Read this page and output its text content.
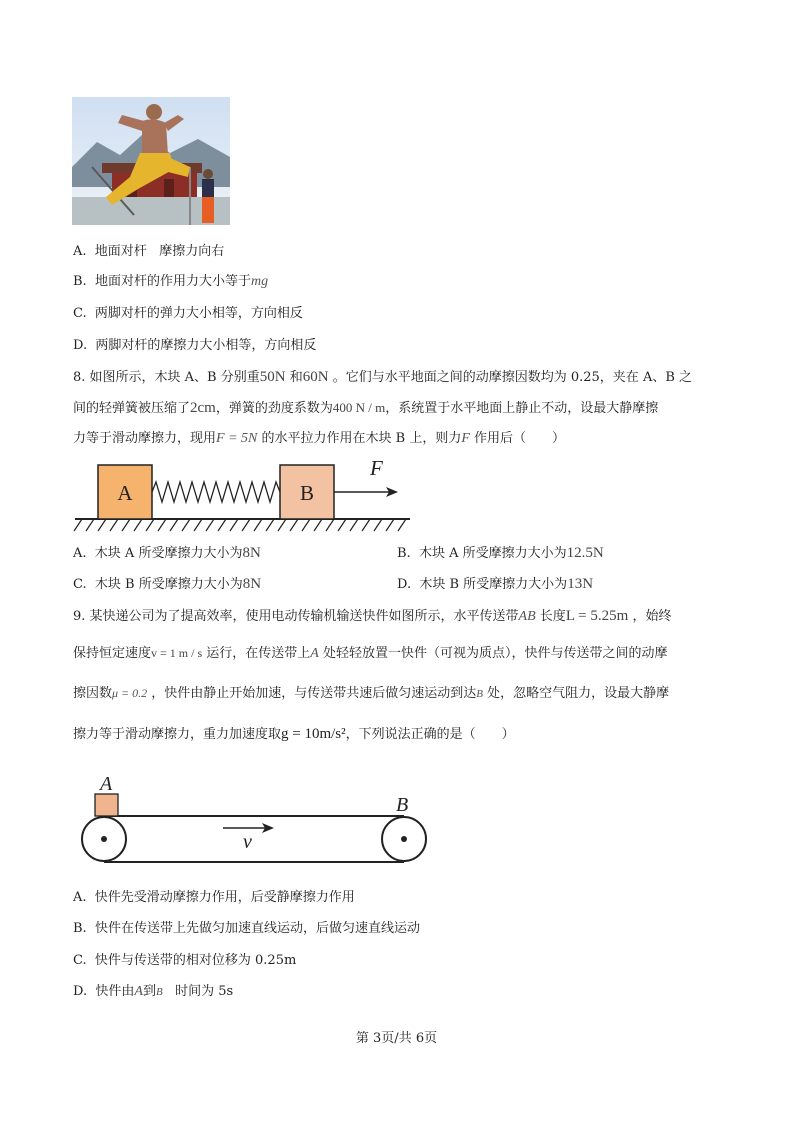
A. 地面对杆 摩擦力向右
B. 地面对杆的作用力大小等于mg
C. 两脚对杆的弹力大小相等，方向相反
D. 两脚对杆的摩擦力大小相等，方向相反
8. 如图所示，木块 A、B 分别重50N 和60N 。它们与水平地面之间的动摩擦因数均为 0.25，夹在 A、B 之
间的轻弹簧被压缩了2cm，弹簧的劲度系数为400 N / m，系统置于水平地面上静止不动，设最大静摩擦
力等于滑动摩擦力，现用F = 5N 的水平拉力作用在木块 B 上，则力F 作用后（　　）
A	B
F
A. 木块 A 所受摩擦力大小为8N	B. 木块 A 所受摩擦力大小为12.5N
C. 木块 B 所受摩擦力大小为8N	D. 木块 B 所受摩擦力大小为13N
9. 某快递公司为了提高效率，使用电动传输机输送快件如图所示，水平传送带AB 长度L = 5.25m ，始终
保持恒定速度v = 1 m / s 运行，在传送带上A 处轻轻放置一快件（可视为质点），快件与传送带之间的动摩
擦因数μ = 0.2 ，快件由静止开始加速，与传送带共速后做匀速运动到达B 处，忽略空气阻力，设最大静摩
擦力等于滑动摩擦力，重力加速度取g = 10m/s²，下列说法正确的是（　　）
A
B
v
A. 快件先受滑动摩擦力作用，后受静摩擦力作用
B. 快件在传送带上先做匀加速直线运动，后做匀速直线运动
C. 快件与传送带的相对位移为 0.25m
D. 快件由A到B 时间为 5s
第 3页/共 6页
